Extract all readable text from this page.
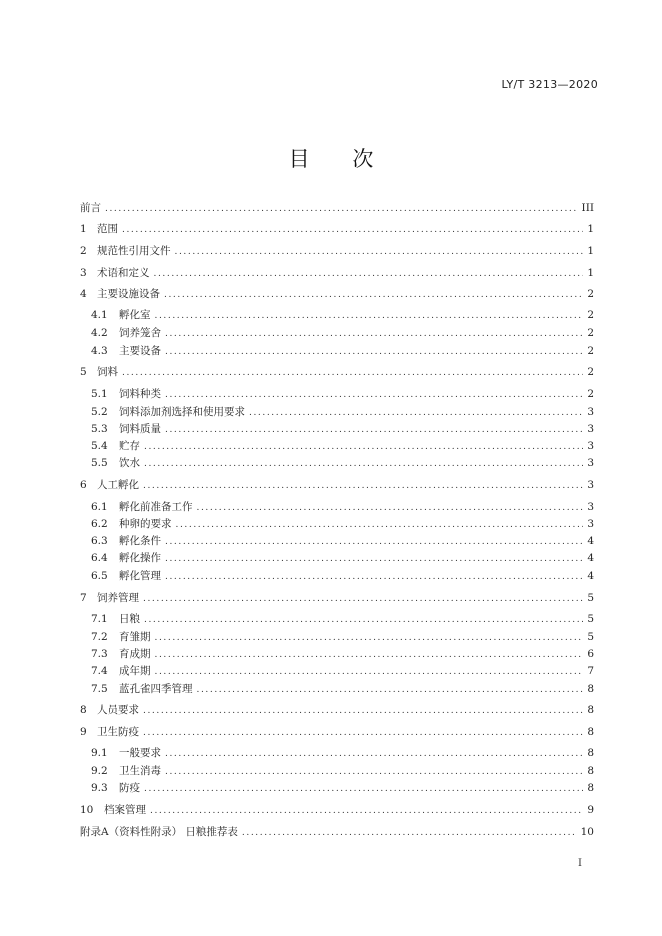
LY/T 3213—2020
目 次
前言 .....	III
1 范围 .....	1
2 规范性引用文件 .....	1
3 术语和定义 .....	1
4 主要设施设备 .....	2
4.1	孵化室 .....	2
4.2	饲养笼舍 .....	2
4.3	主要设备 .....	2
5 饲料 .....	2
5.1	饲料种类 .....	2
5.2	饲料添加剂选择和使用要求 .....	3
5.3	饲料质量 .....	3
5.4	贮存 .....	3
5.5	饮水 .....	3
6 人工孵化 .....	3
6.1	孵化前准备工作 .....	3
6.2	种卵的要求 .....	3
6.3	孵化条件 .....	4
6.4	孵化操作 .....	4
6.5	孵化管理 .....	4
7 饲养管理 .....	5
7.1	日粮 .....	5
7.2	育雏期 .....	5
7.3	育成期 .....	6
7.4	成年期 .....	7
7.5	蓝孔雀四季管理 .....	8
8 人员要求 .....	8
9 卫生防疫 .....	8
9.1	一般要求 .....	8
9.2	卫生消毒 .....	8
9.3	防疫 .....	8
10	档案管理 .....	9
附录A（资料性附录） 日粮推荐表 .....	10
I
